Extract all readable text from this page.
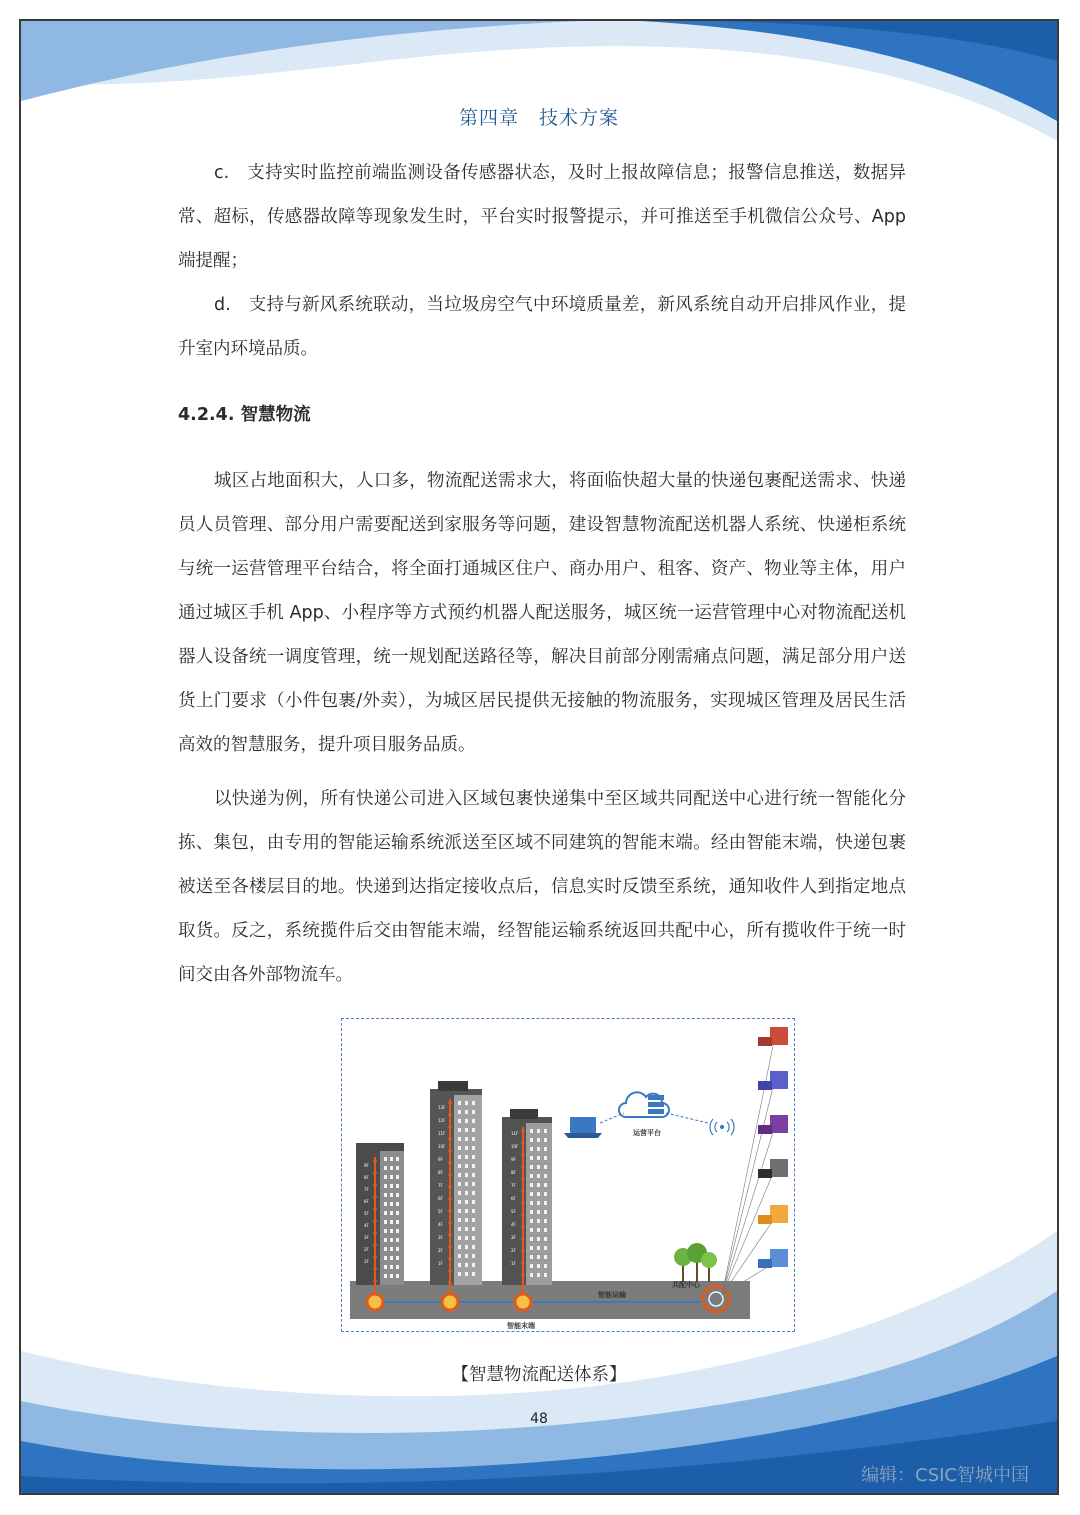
第四章　技术方案

c.　支持实时监控前端监测设备传感器状态，及时上报故障信息；报警信息推送，数据异常、超标，传感器故障等现象发生时，平台实时报警提示，并可推送至手机微信公众号、App 端提醒；

d.　支持与新风系统联动，当垃圾房空气中环境质量差，新风系统自动开启排风作业，提升室内环境品质。

4.2.4. 智慧物流

城区占地面积大，人口多，物流配送需求大，将面临快超大量的快递包裹配送需求、快递员人员管理、部分用户需要配送到家服务等问题，建设智慧物流配送机器人系统、快递柜系统与统一运营管理平台结合，将全面打通城区住户、商办用户、租客、资产、物业等主体，用户通过城区手机 App、小程序等方式预约机器人配送服务，城区统一运营管理中心对物流配送机器人设备统一调度管理，统一规划配送路径等，解决目前部分刚需痛点问题，满足部分用户送货上门要求（小件包裹/外卖），为城区居民提供无接触的物流服务，实现城区管理及居民生活高效的智慧服务，提升项目服务品质。

以快递为例，所有快递公司进入区域包裹快递集中至区域共同配送中心进行统一智能化分拣、集包，由专用的智能运输系统派送至区域不同建筑的智能末端。经由智能末端，快递包裹被送至各楼层目的地。快递到达指定接收点后，信息实时反馈至系统，通知收件人到指定地点取货。反之，系统揽件后交由智能末端，经智能运输系统返回共配中心，所有揽收件于统一时间交由各外部物流车。

运营平台
智能运输
共配中心
智能末端
9F
8F
7F
6F
5F
4F
3F
2F
1F
13F
12F
11F
10F
9F
8F
7F
6F
5F
4F
3F
2F
1F
11F
10F
9F
8F
7F
6F
5F
4F
3F
2F
1F
【智慧物流配送体系】
48
编辑：CSIC智城中国
